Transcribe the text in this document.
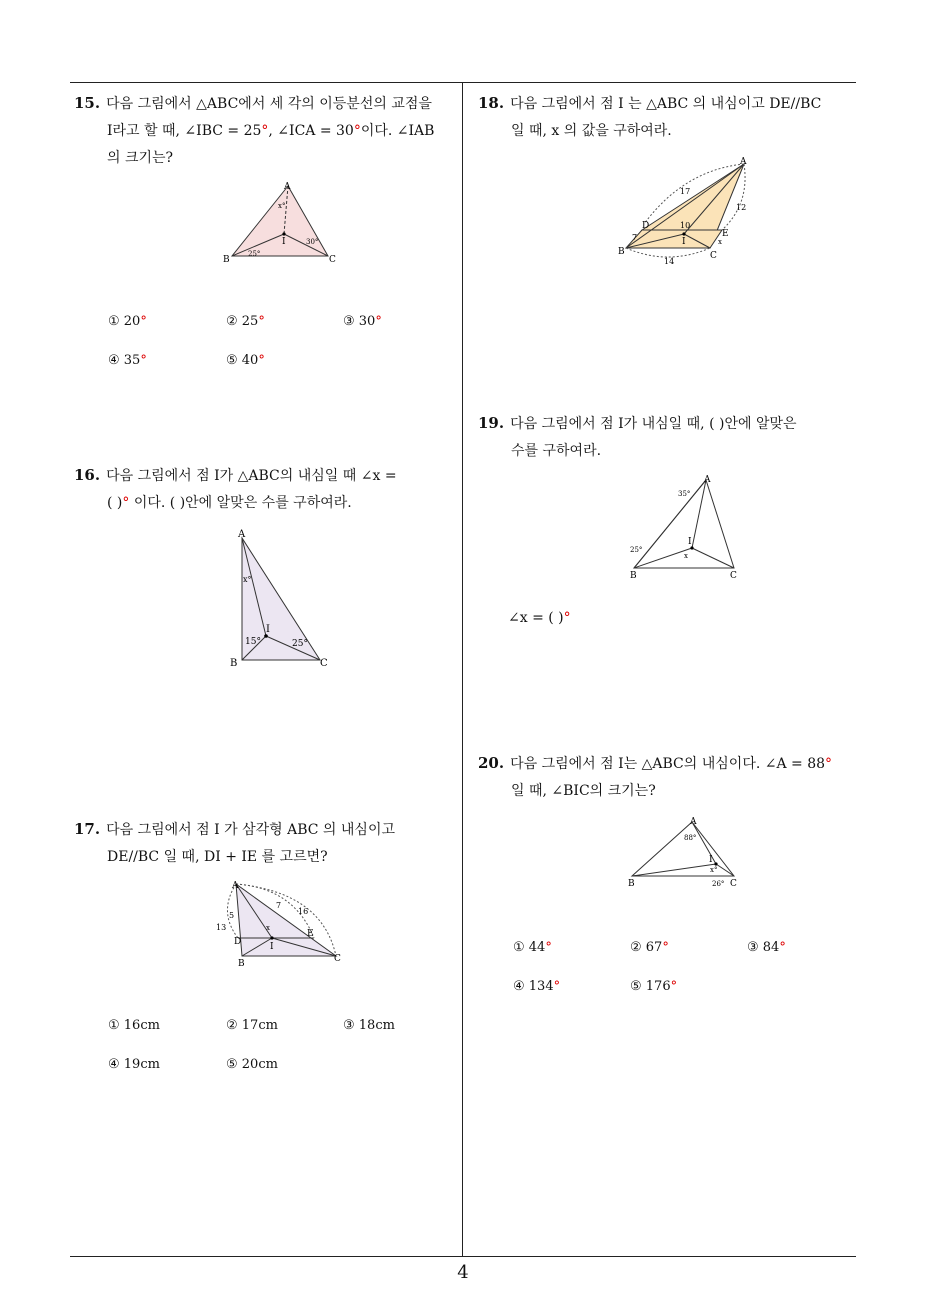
15. 다음 그림에서 △ABC에서 세 각의 이등분선의 교점을
I라고 할 때, ∠IBC = 25°, ∠ICA = 30°이다. ∠IAB
의 크기는?
A
B	C
I
x°
25°
30°
① 20°	② 25°	③ 30°
④ 35°	⑤ 40°
16. 다음 그림에서 점 I가 △ABC의 내심일 때 ∠x =
( )° 이다. ( )안에 알맞은 수를 구하여라.
A
B	C
I
x°
15°	25°
17. 다음 그림에서 점 I 가 삼각형 ABC 의 내심이고
DE//BC 일 때, DI + IE 를 고르면?
A
B	C
D
E
I
x
5
7
13
16
① 16cm	② 17cm	③ 18cm
④ 19cm	⑤ 20cm
18. 다음 그림에서 점 I 는 △ABC 의 내심이고 DE//BC
일 때, x 의 값을 구하여라.
A
B	C
D
E
I	x
17
12
10
7
14
19. 다음 그림에서 점 I가 내심일 때, ( )안에 알맞은
수를 구하여라.
A
B	C
I
x
35°
25°
∠x = ( )°
20. 다음 그림에서 점 I는 △ABC의 내심이다. ∠A = 88°
일 때, ∠BIC의 크기는?
A
B	C
I
x°
88°
26°
① 44°	② 67°	③ 84°
④ 134°	⑤ 176°
4
